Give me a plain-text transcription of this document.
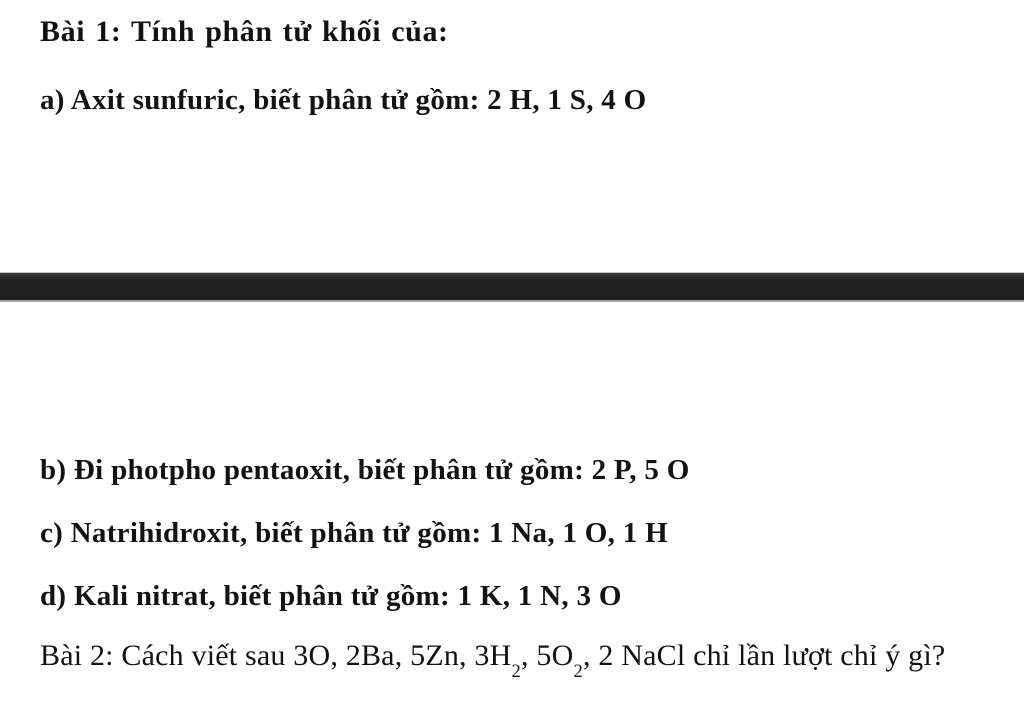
Bài 1: Tính phân tử khối của:

a) Axit sunfuric, biết phân tử gồm: 2 H, 1 S, 4 O

b) Đi photpho pentaoxit, biết phân tử gồm: 2 P, 5 O

c) Natrihidroxit, biết phân tử gồm: 1 Na, 1 O, 1 H

d) Kali nitrat, biết phân tử gồm: 1 K, 1 N, 3 O

Bài 2: Cách viết sau 3O, 2Ba, 5Zn, $3H_2$, $5O_2$, 2 NaCl chỉ lần lượt chỉ ý gì?
